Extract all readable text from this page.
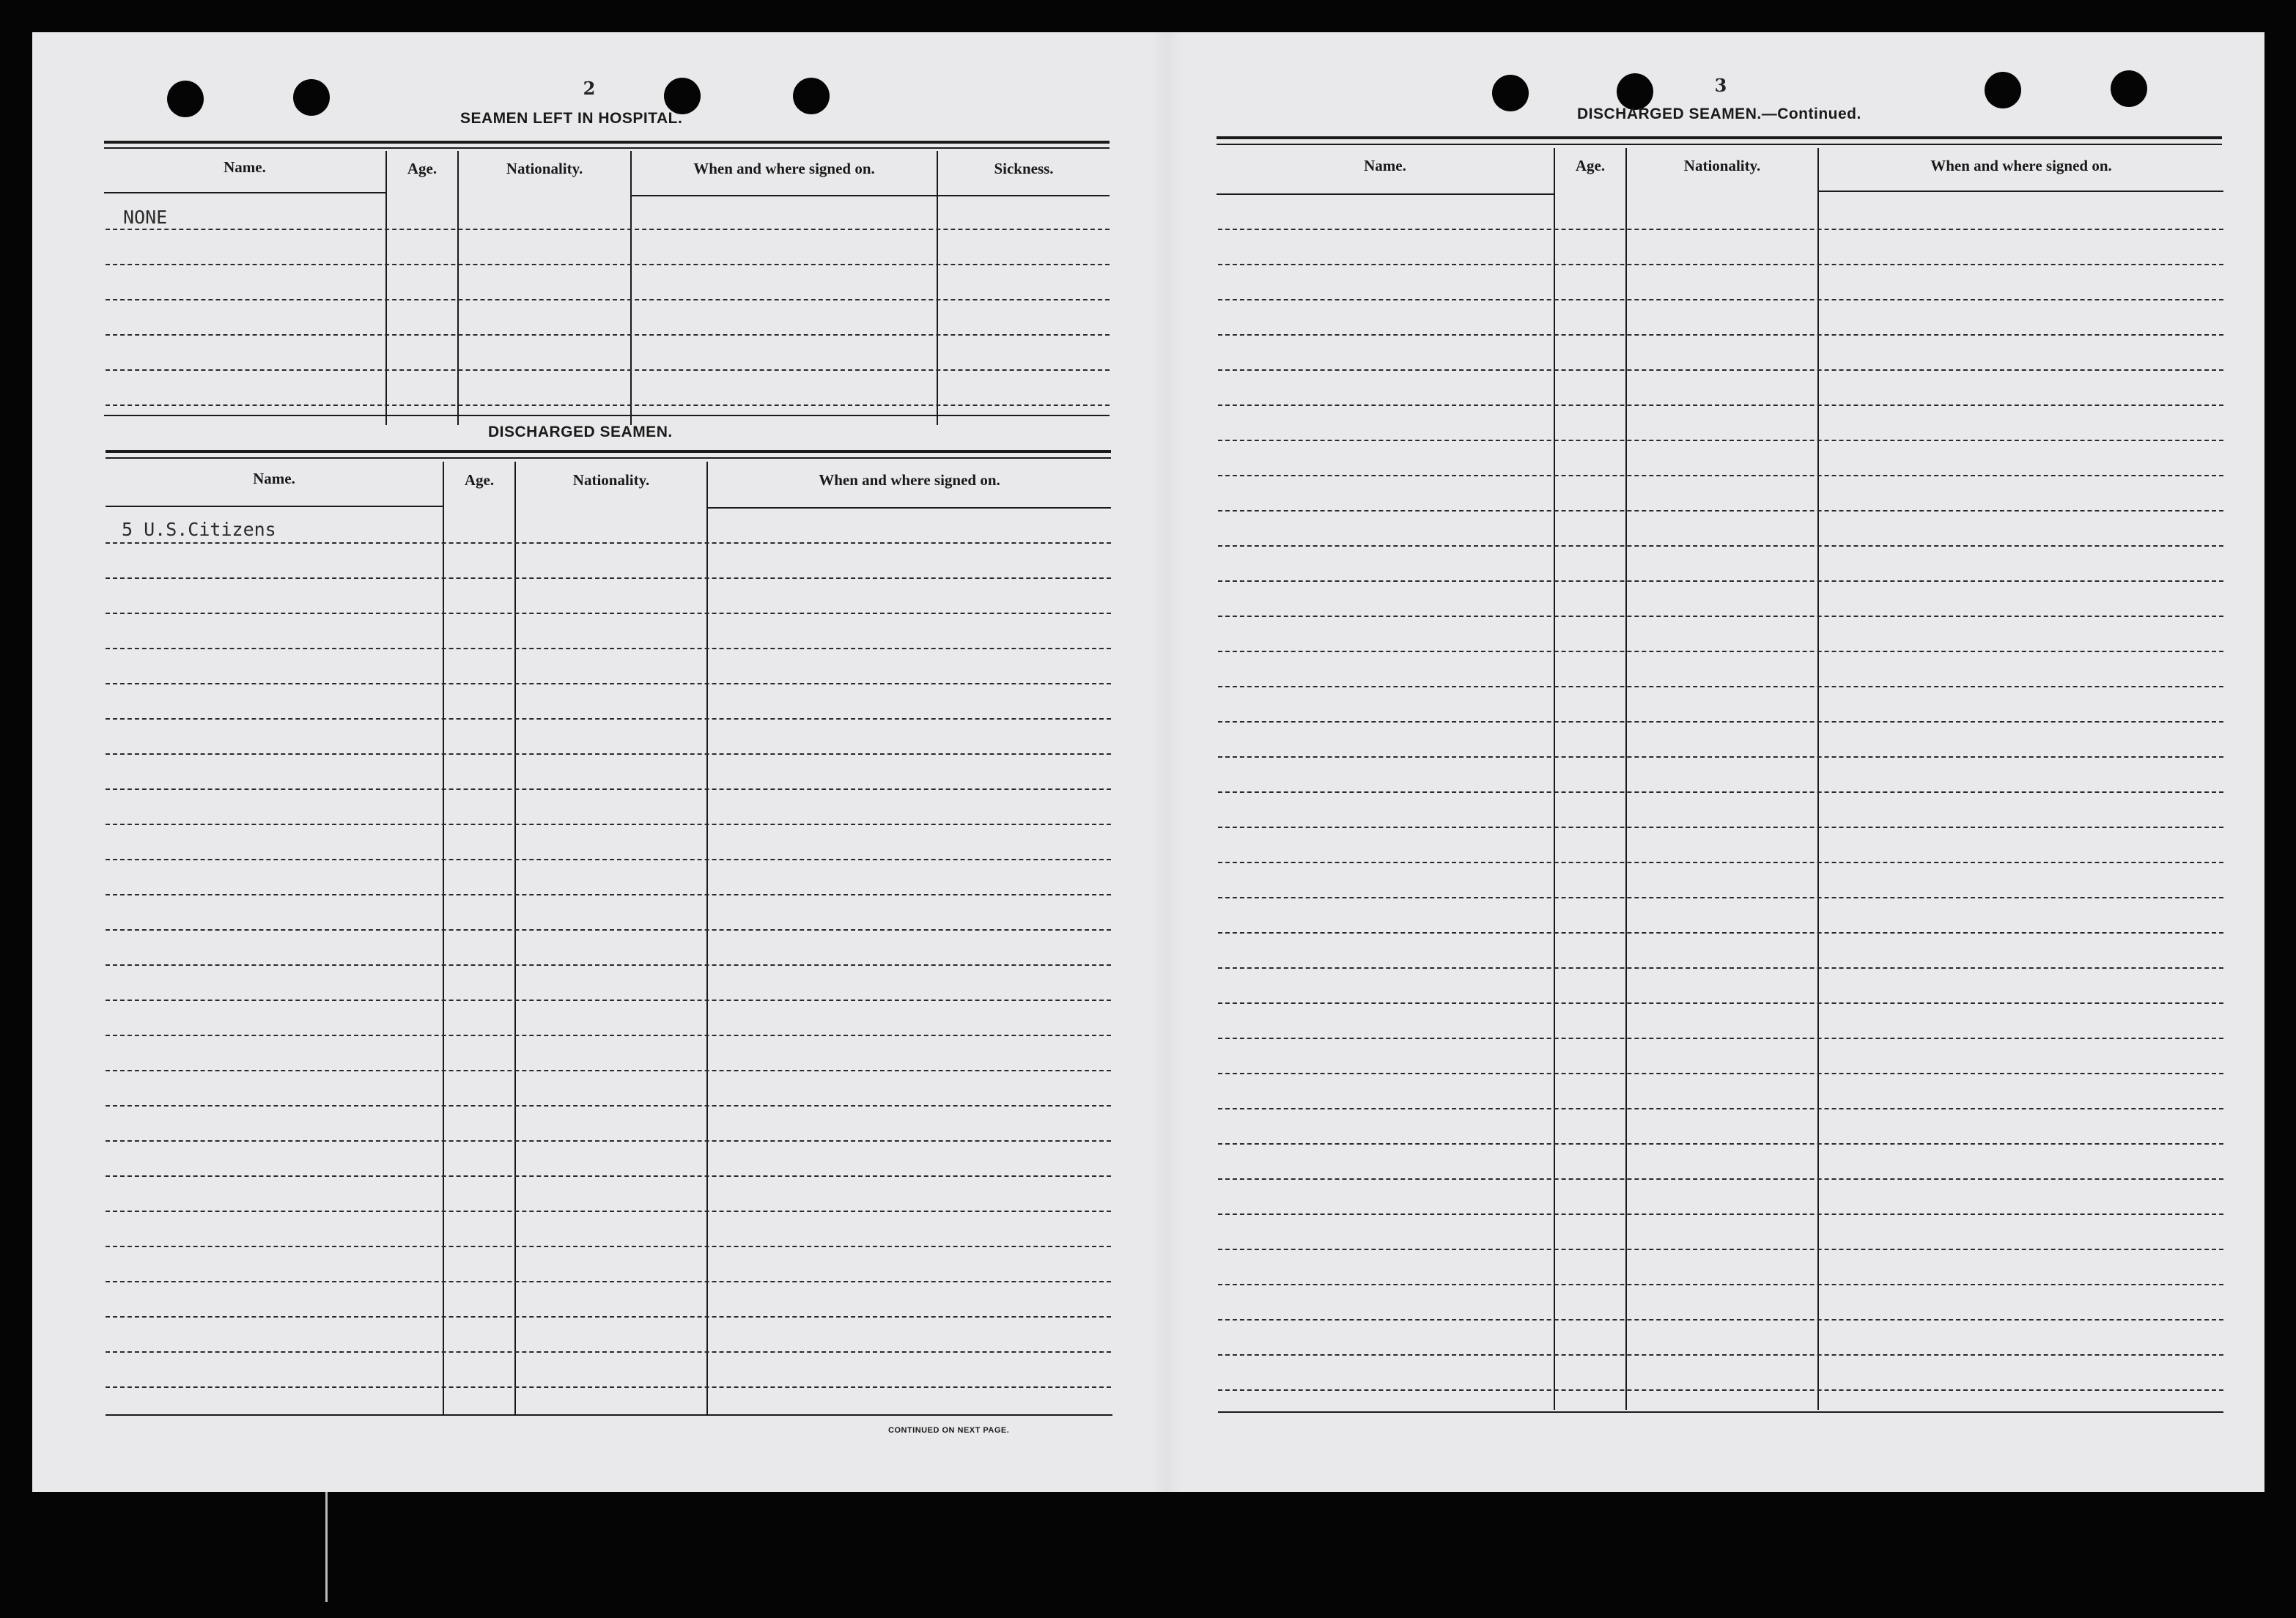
2
SEAMEN LEFT IN HOSPITAL.
Name.	Age.	Nationality.	When and where signed on.	Sickness.
NONE
DISCHARGED SEAMEN.
Name.	Age.	Nationality.	When and where signed on.
5 U.S.Citizens
CONTINUED ON NEXT PAGE.
3
DISCHARGED SEAMEN.—Continued.
Name.	Age.	Nationality.	When and where signed on.
